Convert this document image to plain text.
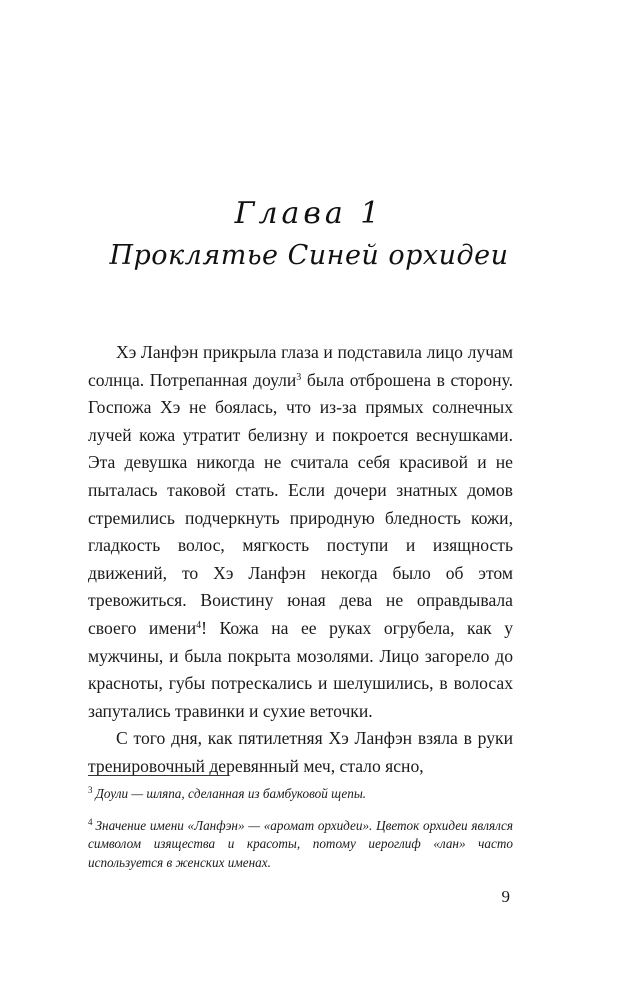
Глава 1
Проклятье Синей орхидеи

Хэ Ланфэн прикрыла глаза и подставила лицо лучам солнца. Потрепанная доули$^3$ была отброшена в сторону. Госпожа Хэ не боялась, что из-за прямых солнечных лучей кожа утратит белизну и покроется веснушками. Эта девушка никогда не считала себя красивой и не пыталась таковой стать. Если дочери знатных домов стремились подчеркнуть природную бледность кожи, гладкость волос, мягкость поступи и изящность движений, то Хэ Ланфэн некогда было об этом тревожиться. Воистину юная дева не оправдывала своего имени$^4$! Кожа на ее руках огрубела, как у мужчины, и была покрыта мозолями. Лицо загорело до красноты, губы потрескались и шелушились, в волосах запутались травинки и сухие веточки.

С того дня, как пятилетняя Хэ Ланфэн взяла в руки тренировочный деревянный меч, стало ясно,

$^3$ Доули — шляпа, сделанная из бамбуковой щепы.

$^4$ Значение имени «Ланфэн» — «аромат орхидеи». Цветок орхидеи являлся символом изящества и красоты, потому иероглиф «лан» часто используется в женских именах.

9
